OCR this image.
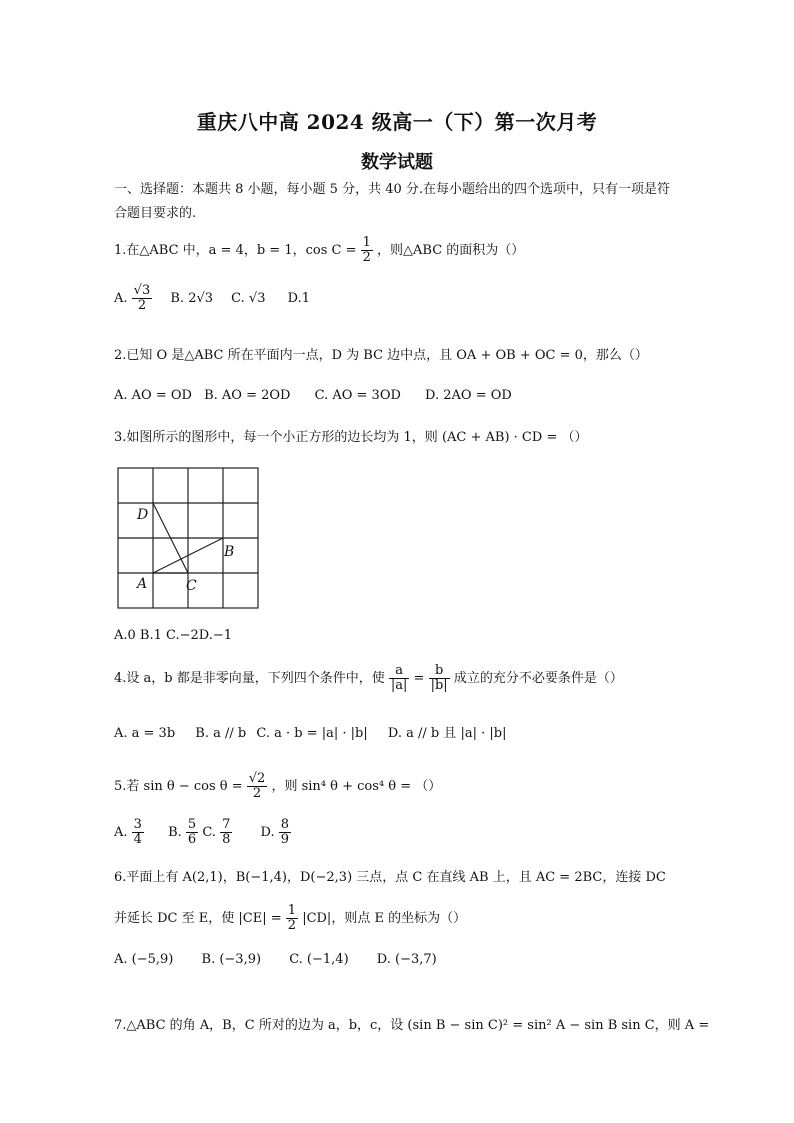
重庆八中高 2024 级高一（下）第一次月考
数学试题
一、选择题：本题共 8 小题，每小题 5 分，共 40 分.在每小题给出的四个选项中，只有一项是符
合题目要求的.
1.在△ABC 中，a = 4，b = 1，$\cos C = \frac{1}{2}$ ，则△ABC 的面积为（）
A. $\frac{√3}{2} B$. 2√3 C. √3 D.1
2.已知 O 是△ABC 所在平面内一点，D 为 BC 边中点，且 OA + OB + OC = 0，那么（）
A. AO = OD B. AO = 2OD C. AO = 3OD D. 2AO = OD
3.如图所示的图形中，每一个小正方形的边长均为 1，则 (AC + AB) · CD = （）
D
B
A	C
A.0 B.1 C.−2D.−1
4.设 a，b 都是非零向量，下列四个条件中，使 $\frac{a}{|a|} = \frac{b}{|b|}$ 成立的充分不必要条件是（）
A. a = 3b B. a // b C. a · b = |a| · |b| D. a // b 且 |a| · |b|
5.若 $\sin \theta - \cos \theta = \frac{√2}{2}$ ，则 sin⁴ θ + cos⁴ θ = （）
A. $\frac{3}{4} B$. $\frac{5}{6} C$. $\frac{7}{8} D$. $\frac{8}{9}$
6.平面上有 A(2,1)，B(−1,4)，D(−2,3) 三点，点 C 在直线 AB 上，且 AC = 2BC，连接 DC
并延长 DC 至 E，使 $|CE| = \frac{1}{2} |CD|$，则点 E 的坐标为（）
A. (−5,9) B. (−3,9) C. (−1,4) D. (−3,7)
7.△ABC 的角 A，B，C 所对的边为 a，b，c，设 (sin B − sin C)² = sin² A − sin B sin C，则 A =
